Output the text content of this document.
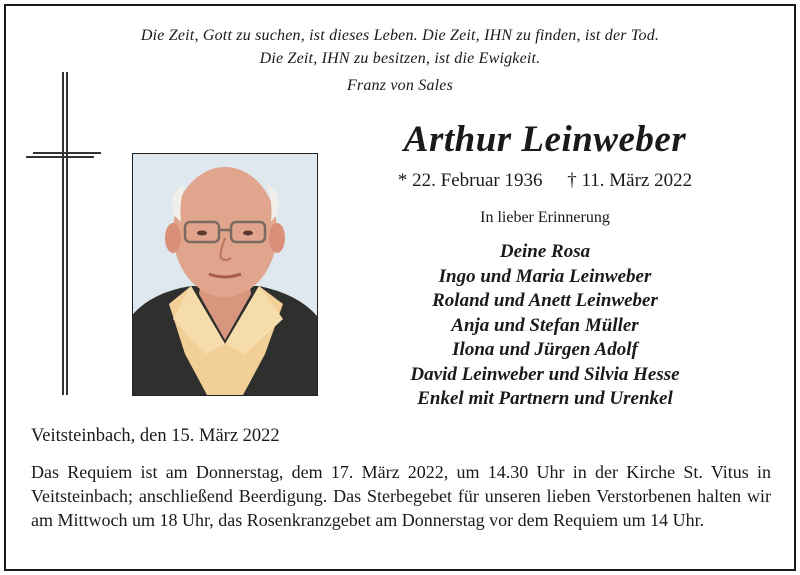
Die Zeit, Gott zu suchen, ist dieses Leben. Die Zeit, IHN zu finden, ist der Tod.
Die Zeit, IHN zu besitzen, ist die Ewigkeit.
Franz von Sales
Arthur Leinweber
* 22. Februar 1936 † 11. März 2022
In lieber Erinnerung
Deine Rosa
Ingo und Maria Leinweber
Roland und Anett Leinweber
Anja und Stefan Müller
Ilona und Jürgen Adolf
David Leinweber und Silvia Hesse
Enkel mit Partnern und Urenkel
Veitsteinbach, den 15. März 2022
Das Requiem ist am Donnerstag, dem 17. März 2022, um 14.30 Uhr in der Kirche St. Vitus in Veitsteinbach; anschließend Beerdigung. Das Sterbegebet für unseren lieben Verstorbenen halten wir am Mittwoch um 18 Uhr, das Rosenkranzgebet am Donnerstag vor dem Requiem um 14 Uhr.
